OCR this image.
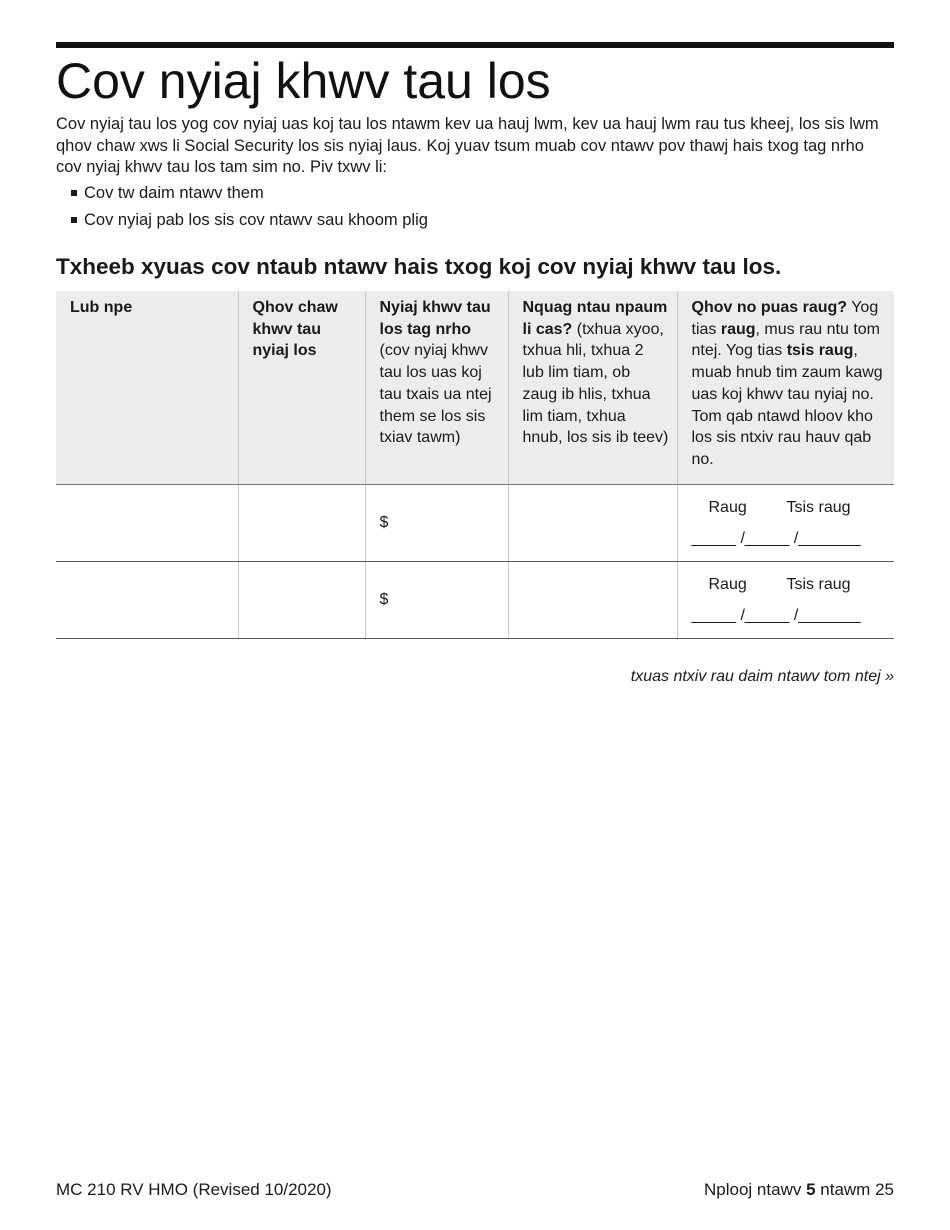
Cov nyiaj khwv tau los

Cov nyiaj tau los yog cov nyiaj uas koj tau los ntawm kev ua hauj lwm, kev ua hauj lwm rau tus kheej, los sis lwm qhov chaw xws li Social Security los sis nyiaj laus. Koj yuav tsum muab cov ntawv pov thawj hais txog tag nrho cov nyiaj khwv tau los tam sim no. Piv txwv li:

Cov tw daim ntawv them
Cov nyiaj pab los sis cov ntawv sau khoom plig
Txheeb xyuas cov ntaub ntawv hais txog koj cov nyiaj khwv tau los.
Lub npe	Qhov chaw khwv tau nyiaj los	Nyiaj khwv tau los tag nrho (cov nyiaj khwv tau los uas koj tau txais ua ntej them se los sis txiav tawm)	Nquag ntau npaum li cas? (txhua xyoo, txhua hli, txhua 2 lub lim tiam, ob zaug ib hlis, txhua lim tiam, txhua hnub, los sis ib teev)	Qhov no puas raug? Yog tias raug, mus rau ntu tom ntej. Yog tias tsis raug, muab hnub tim zaum kawg uas koj khwv tau nyiaj no. Tom qab ntawd hloov kho los sis ntxiv rau hauv qab no.
		$		Raug Tsis raug
_____ /_____ /_______

		$		Raug Tsis raug
_____ /_____ /_______
txuas ntxiv rau daim ntawv tom ntej »
MC 210 RV HMO (Revised 10/2020)	Nplooj ntawv 5 ntawm 25
